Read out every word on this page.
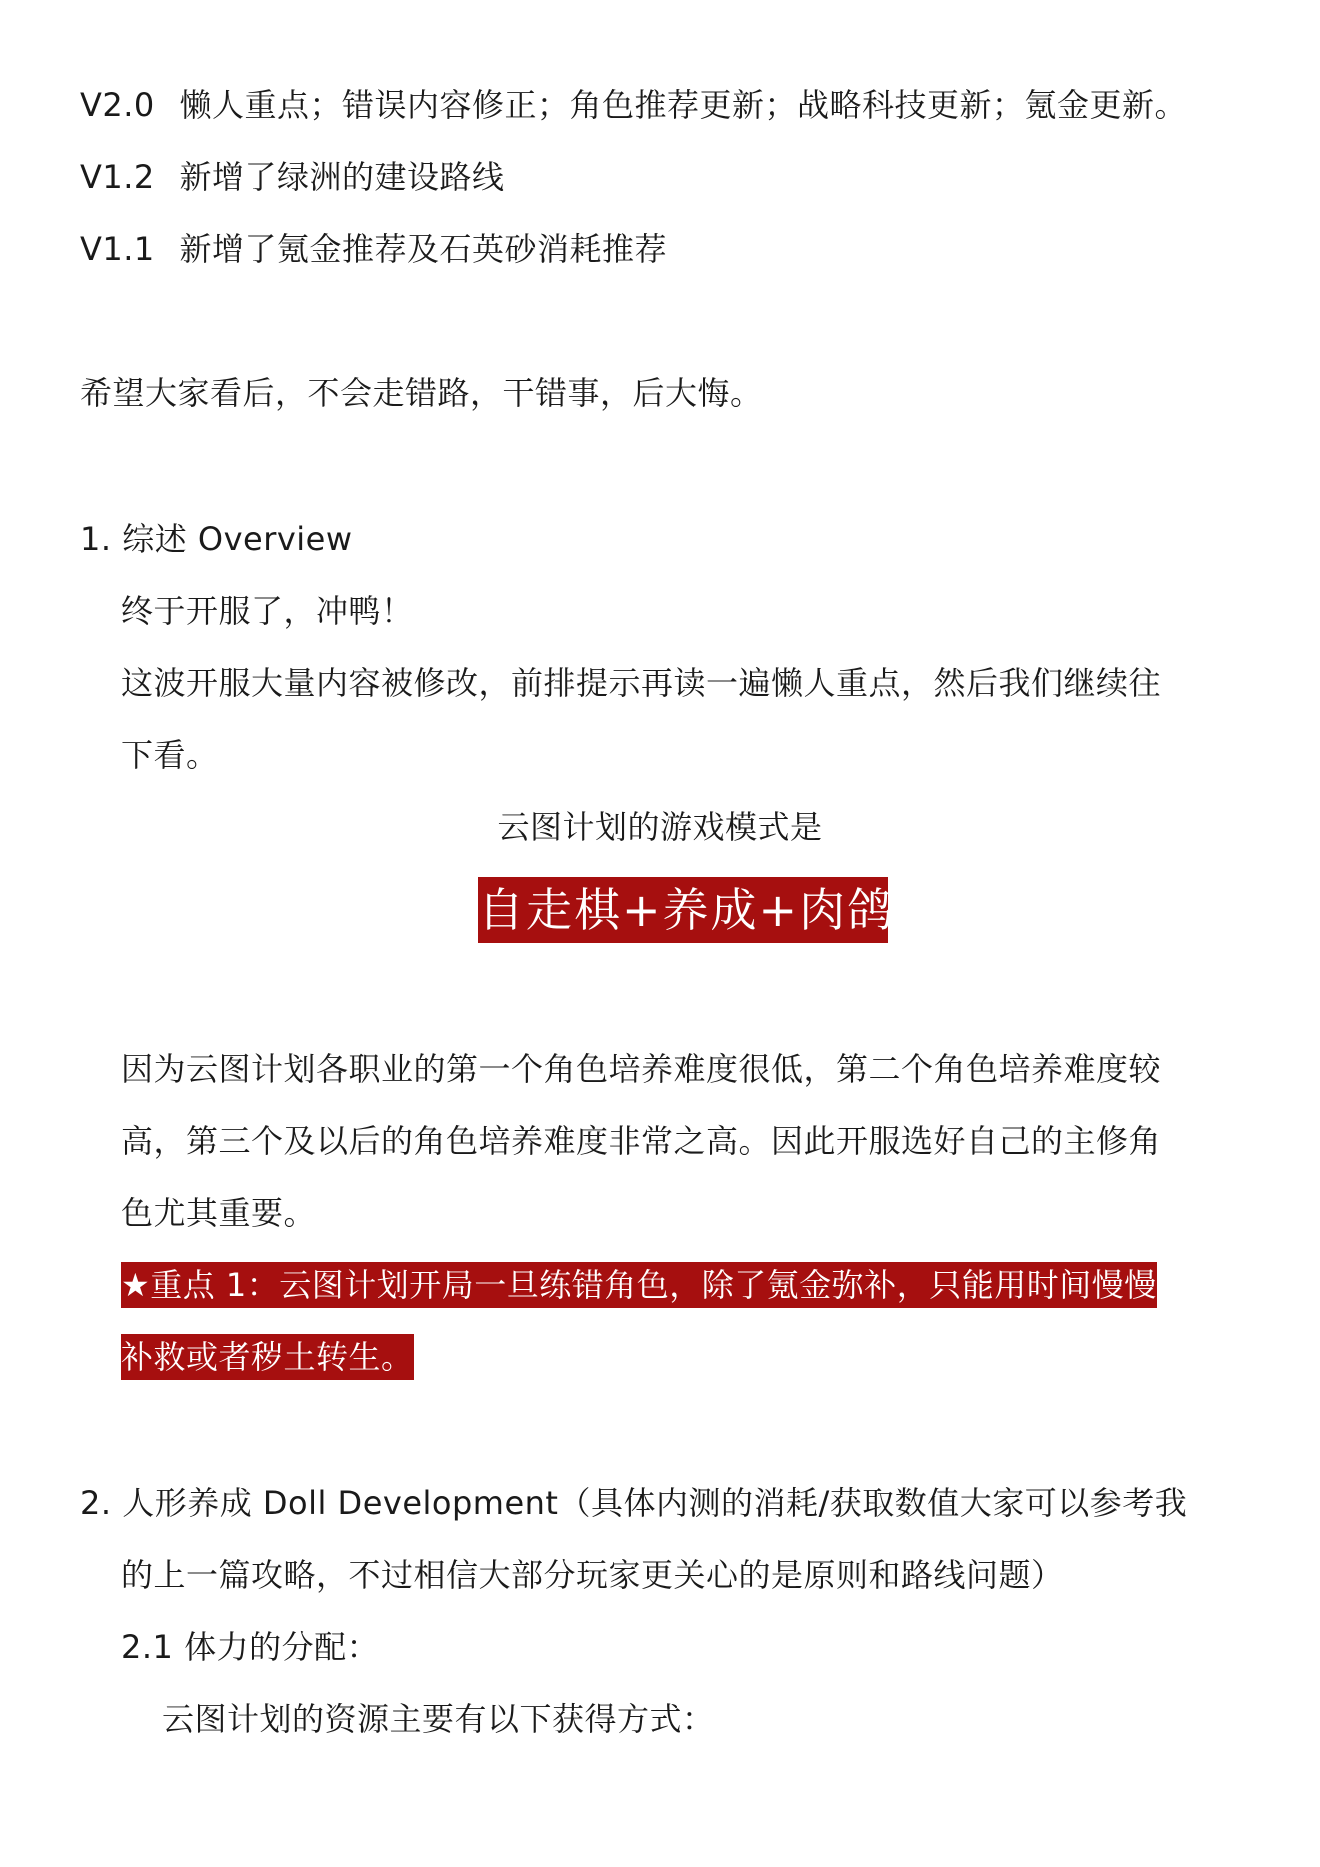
V2.0 懒人重点；错误内容修正；角色推荐更新；战略科技更新；氪金更新。

V1.2 新增了绿洲的建设路线

V1.1 新增了氪金推荐及石英砂消耗推荐

希望大家看后，不会走错路，干错事，后大悔。

1. 综述 Overview

终于开服了，冲鸭！

这波开服大量内容被修改，前排提示再读一遍懒人重点，然后我们继续往

下看。

云图计划的游戏模式是

自走棋+养成+肉鸽

因为云图计划各职业的第一个角色培养难度很低，第二个角色培养难度较

高，第三个及以后的角色培养难度非常之高。因此开服选好自己的主修角

色尤其重要。

★重点 1：云图计划开局一旦练错角色，除了氪金弥补，只能用时间慢慢

补救或者秽土转生。

2. 人形养成 Doll Development（具体内测的消耗/获取数值大家可以参考我

的上一篇攻略，不过相信大部分玩家更关心的是原则和路线问题）

2.1 体力的分配：

云图计划的资源主要有以下获得方式：
